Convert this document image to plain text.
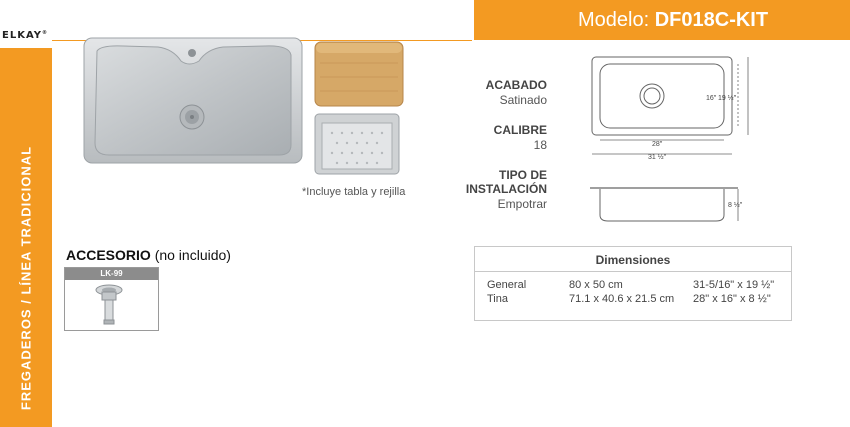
ELKAY®
FREGADEROS / LÍNEA TRADICIONAL
Modelo: DF018C-KIT
*Incluye tabla y rejilla
ACCESORIO (no incluido)
LK-99
ACABADO
Satinado
CALIBRE
18
TIPO DE
INSTALACIÓN
Empotrar
16″ 19 ½″
28″
31 ½″
8 ½″
Dimensiones
General	80 x 50 cm	31-5/16" x 19 ½"
Tina	71.1 x 40.6 x 21.5 cm 28" x 16" x 8 ½"
